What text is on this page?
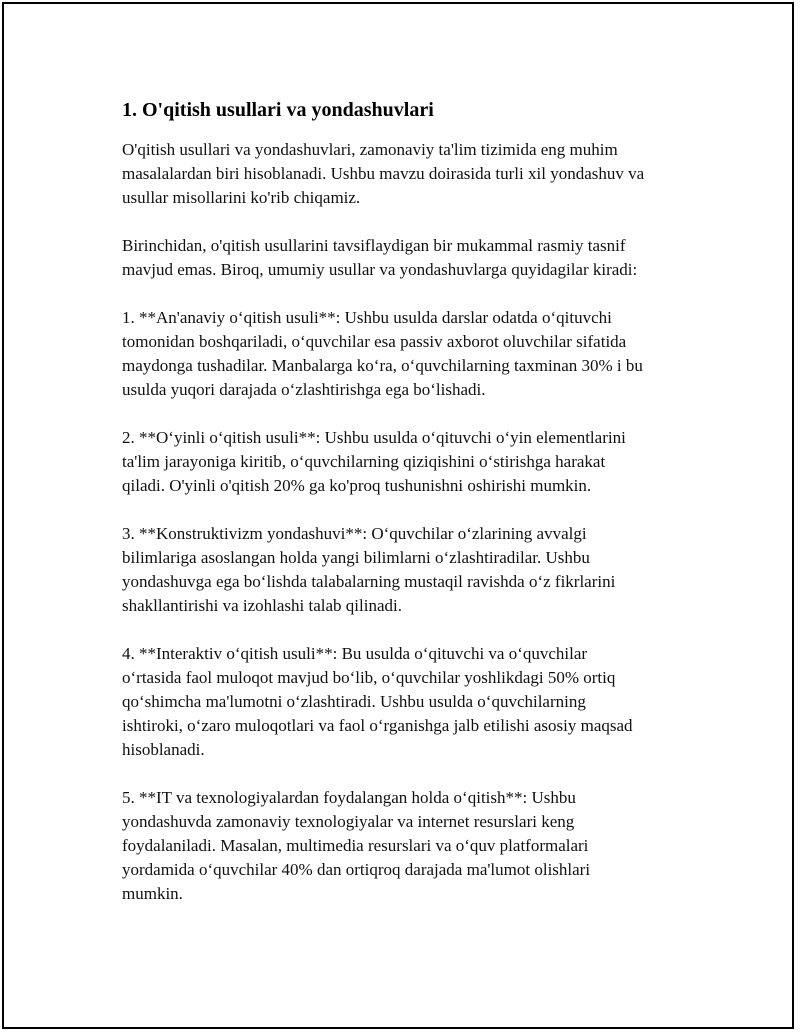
1. O'qitish usullari va yondashuvlari

O'qitish usullari va yondashuvlari, zamonaviy ta'lim tizimida eng muhim
masalalardan biri hisoblanadi. Ushbu mavzu doirasida turli xil yondashuv va
usullar misollarini ko'rib chiqamiz.

Birinchidan, o'qitish usullarini tavsiflaydigan bir mukammal rasmiy tasnif
mavjud emas. Biroq, umumiy usullar va yondashuvlarga quyidagilar kiradi:

1. **An'anaviy o‘qitish usuli**: Ushbu usulda darslar odatda o‘qituvchi
tomonidan boshqariladi, o‘quvchilar esa passiv axborot oluvchilar sifatida
maydonga tushadilar. Manbalarga ko‘ra, o‘quvchilarning taxminan 30% i bu
usulda yuqori darajada o‘zlashtirishga ega bo‘lishadi.

2. **O‘yinli o‘qitish usuli**: Ushbu usulda o‘qituvchi o‘yin elementlarini
ta'lim jarayoniga kiritib, o‘quvchilarning qiziqishini o‘stirishga harakat
qiladi. O'yinli o'qitish 20% ga ko'proq tushunishni oshirishi mumkin.

3. **Konstruktivizm yondashuvi**: O‘quvchilar o‘zlarining avvalgi
bilimlariga asoslangan holda yangi bilimlarni o‘zlashtiradilar. Ushbu
yondashuvga ega bo‘lishda talabalarning mustaqil ravishda o‘z fikrlarini
shakllantirishi va izohlashi talab qilinadi.

4. **Interaktiv o‘qitish usuli**: Bu usulda o‘qituvchi va o‘quvchilar
o‘rtasida faol muloqot mavjud bo‘lib, o‘quvchilar yoshlikdagi 50% ortiq
qo‘shimcha ma'lumotni o‘zlashtiradi. Ushbu usulda o‘quvchilarning
ishtiroki, o‘zaro muloqotlari va faol o‘rganishga jalb etilishi asosiy maqsad
hisoblanadi.

5. **IT va texnologiyalardan foydalangan holda o‘qitish**: Ushbu
yondashuvda zamonaviy texnologiyalar va internet resurslari keng
foydalaniladi. Masalan, multimedia resurslari va o‘quv platformalari
yordamida o‘quvchilar 40% dan ortiqroq darajada ma'lumot olishlari
mumkin.
